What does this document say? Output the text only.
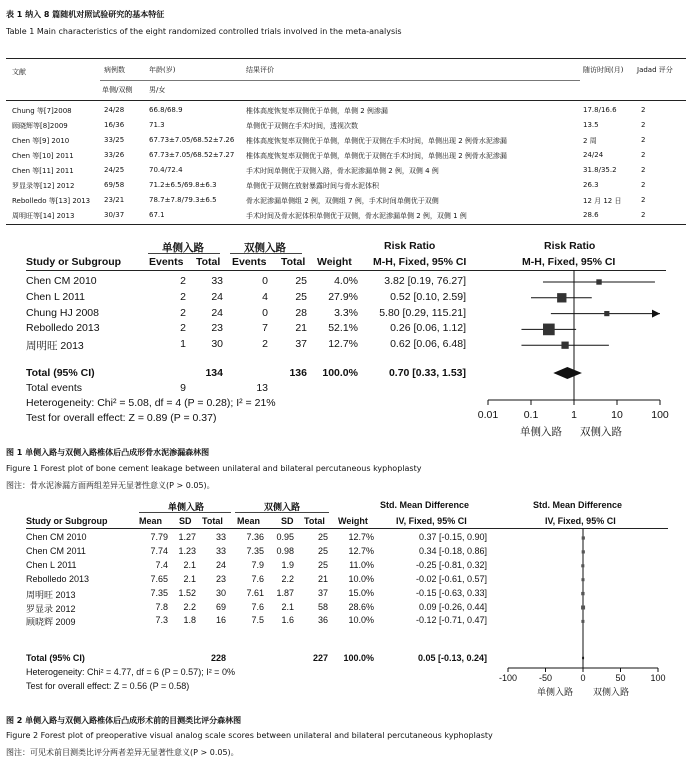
表 1 纳入 8 篇随机对照试验研究的基本特征
Table 1 Main characteristics of the eight randomized controlled trials involved in the meta-analysis
文献	病例数	年龄(岁)	结果评价	随访时间(月) Jadad 评分
单侧/双侧 男/女
Chung 等[7]2008	24/28	66.8/68.9	椎体高度恢复率双侧优于单侧，单侧 2 例渗漏	17.8/16.6	2
顾晓辉等[8]2009	16/36	71.3	单侧优于双侧在手术时间，透视次数	13.5	2
Chen 等[9] 2010	33/25	67.73±7.05/68.52±7.26 椎体高度恢复率双侧优于单侧，单侧优于双侧在手术时间，单侧出现 2 例骨水泥渗漏	2 周	2
Chen 等[10] 2011	33/26	67.73±7.05/68.52±7.27 椎体高度恢复率双侧优于单侧，单侧优于双侧在手术时间，单侧出现 2 例骨水泥渗漏	24/24	2
Chen 等[11] 2011	24/25	70.4/72.4	手术时间单侧优于双侧入路，骨水泥渗漏单侧 2 例，双侧 4 例	31.8/35.2	2
罗显录等[12] 2012	69/58	71.2±6.5/69.8±6.3	单侧优于双侧在放射暴露时间与骨水泥体积	26.3	2
Rebolledo 等[13] 2013 23/21	78.7±7.8/79.3±6.5	骨水泥渗漏单侧组 2 例，双侧组 7 例，手术时间单侧优于双侧	12 月 12 日	2
周明旺等[14] 2013	30/37	67.1	手术时间及骨水泥体积单侧优于双侧，骨水泥渗漏单侧 2 例，双侧 1 例	28.6	2
单侧入路	双侧入路	Risk Ratio	Risk Ratio
Study or Subgroup	Events Total Events Total Weight M-H, Fixed, 95% CI	M-H, Fixed, 95% CI
Chen CM 2010	2	33	0	25	4.0%	3.82 [0.19, 76.27]
Chen L 2011	2	24	4	25	27.9%	0.52 [0.10, 2.59]
Chung HJ 2008	2	24	0	28	3.3%	5.80 [0.29, 115.21]
Rebolledo 2013	2	23	7	21	52.1%	0.26 [0.06, 1.12]
周明旺 2013	1	30	2	37	12.7%	0.62 [0.06, 6.48]
Total (95% CI)	134	136	100.0%	0.70 [0.33, 1.53]
Total events	9	13
Heterogeneity: Chi² = 5.08, df = 4 (P = 0.28); I² = 21%
Test for overall effect: Z = 0.89 (P = 0.37)	0.01	0.1	1	10	100
单侧入路	双侧入路
图 1 单侧入路与双侧入路椎体后凸成形骨水泥渗漏森林图
Figure 1 Forest plot of bone cement leakage between unilateral and bilateral percutaneous kyphoplasty
图注：骨水泥渗漏方面两组差异无显著性意义(P > 0.05)。
单侧入路	双侧入路	Std. Mean Difference	Std. Mean Difference
Study or Subgroup	Mean SD Total Mean SD Total Weight	IV, Fixed, 95% CI	IV, Fixed, 95% CI
Chen CM 2010	7.79	1.27	33	7.36	0.95	25	12.7%	0.37 [-0.15, 0.90]
Chen CM 2011	7.74	1.23	33	7.35	0.98	25	12.7%	0.34 [-0.18, 0.86]
Chen L 2011	7.4	2.1	24	7.9	1.9	25	11.0%	-0.25 [-0.81, 0.32]
Rebolledo 2013	7.65	2.1	23	7.6	2.2	21	10.0%	-0.02 [-0.61, 0.57]
周明旺 2013	7.35	1.52	30	7.61	1.87	37	15.0%	-0.15 [-0.63, 0.33]
罗显录 2012	7.8	2.2	69	7.6	2.1	58	28.6%	0.09 [-0.26, 0.44]
顾晓辉 2009	7.3	1.8	16	7.5	1.6	36	10.0%	-0.12 [-0.71, 0.47]
Total (95% CI)	228	227	100.0%	0.05 [-0.13, 0.24]
Heterogeneity: Chi² = 4.77, df = 6 (P = 0.57); I² = 0%
Test for overall effect: Z = 0.56 (P = 0.58)
-100	-50	0	50	100
单侧入路	双侧入路
图 2 单侧入路与双侧入路椎体后凸成形术前的目测类比评分森林图
Figure 2 Forest plot of preoperative visual analog scale scores between unilateral and bilateral percutaneous kyphoplasty
图注：可见术前目测类比评分两者差异无显著性意义(P > 0.05)。
